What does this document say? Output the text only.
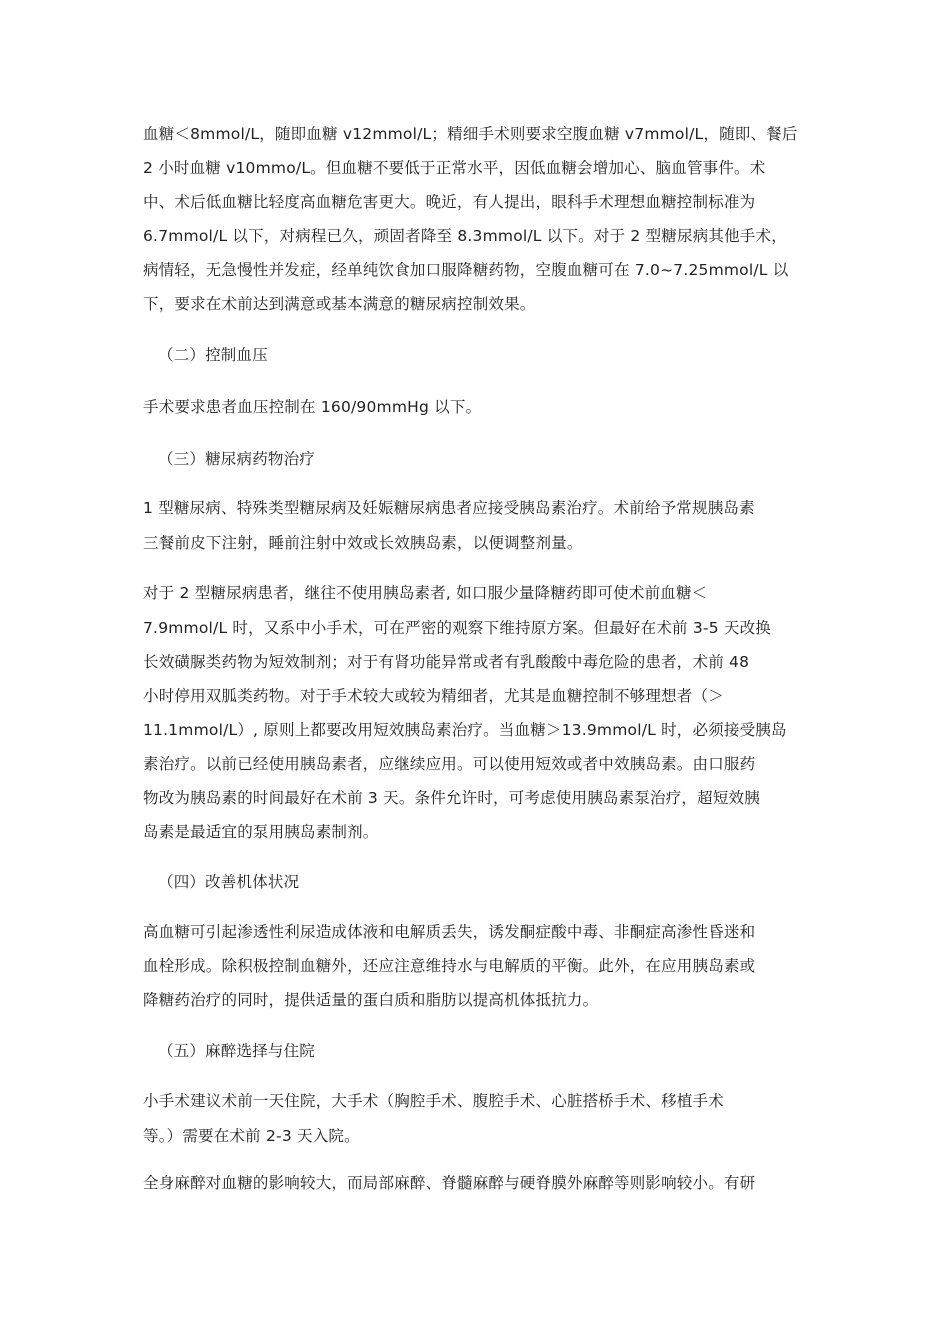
血糖＜8mmol/L，随即血糖 v12mmol/L；精细手术则要求空腹血糖 v7mmol/L，随即、餐后
2 小时血糖 v10mmo/L。但血糖不要低于正常水平，因低血糖会增加心、脑血管事件。术
中、术后低血糖比轻度高血糖危害更大。晚近，有人提出，眼科手术理想血糖控制标准为
6.7mmol/L 以下，对病程已久，顽固者降至 8.3mmol/L 以下。对于 2 型糖尿病其他手术，
病情轻，无急慢性并发症，经单纯饮食加口服降糖药物，空腹血糖可在 7.0~7.25mmol/L 以
下，要求在术前达到满意或基本满意的糖尿病控制效果。
（二）控制血压
手术要求患者血压控制在 160/90mmHg 以下。
（三）糖尿病药物治疗
1 型糖尿病、特殊类型糖尿病及妊娠糖尿病患者应接受胰岛素治疗。术前给予常规胰岛素
三餐前皮下注射，睡前注射中效或长效胰岛素，以便调整剂量。
对于 2 型糖尿病患者，继往不使用胰岛素者, 如口服少量降糖药即可使术前血糖＜
7.9mmol/L 时，又系中小手术，可在严密的观察下维持原方案。但最好在术前 3-5 天改换
长效磺脲类药物为短效制剂；对于有肾功能异常或者有乳酸酸中毒危险的患者，术前 48
小时停用双胍类药物。对于手术较大或较为精细者，尤其是血糖控制不够理想者（＞
11.1mmol/L）, 原则上都要改用短效胰岛素治疗。当血糖＞13.9mmol/L 时，必须接受胰岛
素治疗。以前已经使用胰岛素者，应继续应用。可以使用短效或者中效胰岛素。由口服药
物改为胰岛素的时间最好在术前 3 天。条件允许时，可考虑使用胰岛素泵治疗，超短效胰
岛素是最适宜的泵用胰岛素制剂。
（四）改善机体状况
高血糖可引起渗透性利尿造成体液和电解质丢失，诱发酮症酸中毒、非酮症高渗性昏迷和
血栓形成。除积极控制血糖外，还应注意维持水与电解质的平衡。此外，在应用胰岛素或
降糖药治疗的同时，提供适量的蛋白质和脂肪以提高机体抵抗力。
（五）麻醉选择与住院
小手术建议术前一天住院，大手术（胸腔手术、腹腔手术、心脏搭桥手术、移植手术
等。）需要在术前 2-3 天入院。
全身麻醉对血糖的影响较大，而局部麻醉、脊髓麻醉与硬脊膜外麻醉等则影响较小。有研
